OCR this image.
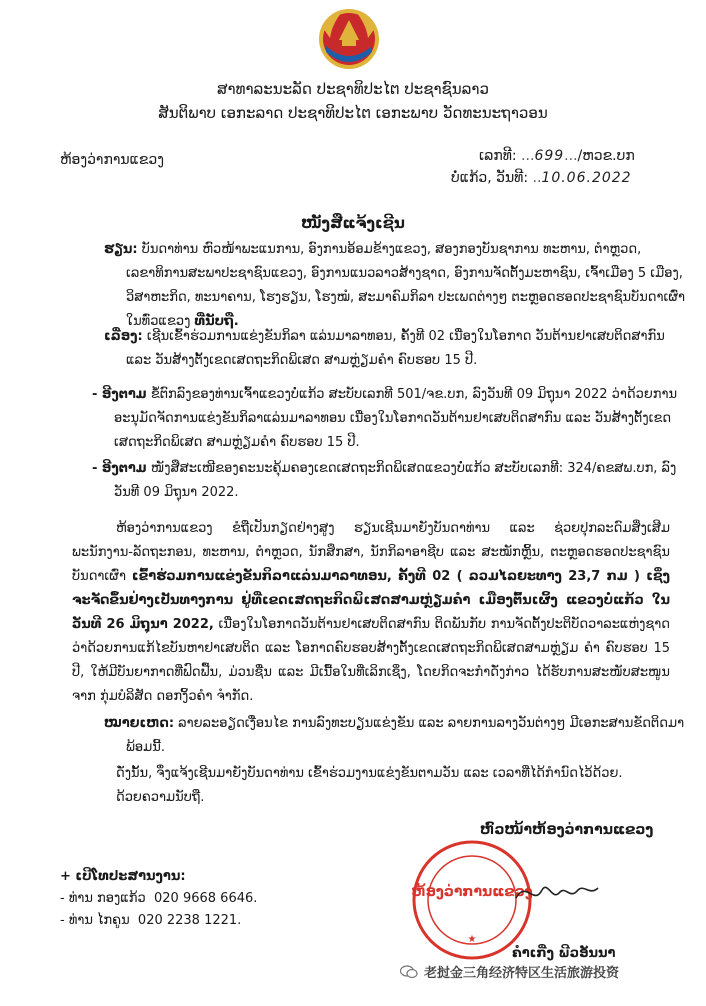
ສາທາລະນະລັດ ປະຊາທິປະໄຕ ປະຊາຊົນລາວ
ສັນຕິພາບ ເອກະລາດ ປະຊາທິປະໄຕ ເອກະພາບ ວັດທະນະຖາວອນ
ຫ້ອງວ່າການແຂວງ	ເລກທີ: ...699.../ຫວຂ.ບກ
ບໍ່ແກ້ວ, ວັນທີ: ..10.06.2022
ໜັງສືແຈ້ງເຊີນ
ຮຽນ: ບັນດາທ່ານ ຫົວໜ້າພະແນການ, ອົງການອ້ອມຂ້າງແຂວງ, ສອງກອງບັນຊາການ ທະຫານ, ຕຳຫຼວດ, ເລຂາທິການສະພາປະຊາຊົນແຂວງ, ອົງການແນວລາວສ້າງຊາດ, ອົງການຈັດຕັ້ງມະຫາຊົນ, ເຈົ້າເມືອງ 5 ເມືອງ, ວິສາຫະກິດ, ທະນາຄານ, ໂຮງຮຽນ, ໂຮງໝໍ, ສະມາຄົມກິລາ ປະເພດຕ່າງໆ ຕະຫຼອດຮອດປະຊາຊົນບັນດາເຜົ່າ ໃນທົ່ວແຂວງ ທີ່ນັບຖື.
ເລື່ອງ: ເຊີນເຂົ້າຮ່ວມການແຂ່ງຂັນກິລາ ແລ່ນມາລາທອນ, ຄັ້ງທີ 02 ເນື່ອງໃນໂອກາດ ວັນຕ້ານຢາເສບຕິດສາກົນ ແລະ ວັນສ້າງຕັ້ງເຂດເສດຖະກິດພິເສດ ສາມຫຼ່ຽມຄຳ ຄົບຮອບ 15 ປີ.
- ອີງຕາມ ຂໍ້ຕົກລົງຂອງທ່ານເຈົ້າແຂວງບໍ່ແກ້ວ ສະບັບເລກທີ 501/ຈຂ.ບກ, ລົງວັນທີ 09 ມິຖຸນາ 2022 ວ່າດ້ວຍການອະນຸມັດຈັດການແຂ່ງຂັນກິລາແລ່ນມາລາທອນ ເນື່ອງໃນໂອກາດວັນຕ້ານຢາເສບຕິດສາກົນ ແລະ ວັນສ້າງຕັ້ງເຂດເສດຖະກິດພິເສດ ສາມຫຼ່ຽມຄຳ ຄົບຮອບ 15 ປີ.
- ອີງຕາມ ໜັງສືສະເໜີຂອງຄະນະຄຸ້ມຄອງເຂດເສດຖະກິດພິເສດແຂວງບໍ່ແກ້ວ ສະບັບເລກທີ: 324/ຄຂສພ.ບກ, ລົງວັນທີ 09 ມິຖຸນາ 2022.
ຫ້ອງວ່າການແຂວງ ຂໍຖືເປັນກຽດຢ່າງສູງ ຮຽນເຊີນມາຍັງບັນດາທ່ານ ແລະ ຊ່ວຍປຸກລະດົມສິ່ງເສີມ ພະນັກງານ-ລັດຖະກອນ, ທະຫານ, ຕຳຫຼວດ, ນັກສຶກສາ, ນັກກິລາອາຊີບ ແລະ ສະໝັກຫຼິ້ນ, ຕະຫຼອດຮອດປະຊາຊົນບັນດາເຜົ່າ ເຂົ້າຮ່ວມການແຂ່ງຂັນກິລາແລ່ນມາລາທອນ, ຄັ້ງທີ 02 ( ລວມໄລຍະທາງ 23,7 ກມ ) ເຊິ່ງຈະຈັດຂຶ້ນຢ່າງເປັນທາງການ ຢູ່ທີ່ເຂດເສດຖະກິດພິເສດສາມຫຼ່ຽມຄຳ ເມືອງຕົ້ນເຜິ້ງ ແຂວງບໍ່ແກ້ວ ໃນວັນທີ 26 ມິຖຸນາ 2022, ເນື່ອງໃນໂອກາດວັນຕ້ານຢາເສບຕິດສາກົນ ຕິດພັນກັບ ການຈັດຕັ້ງປະຕິບັດວາລະແຫ່ງຊາດ ວ່າດ້ວຍການແກ້ໄຂບັນຫາຢາເສບຕິດ ແລະ ໂອກາດຄົບຮອບສ້າງຕັ້ງເຂດເສດຖະກິດພິເສດສາມຫຼ່ຽມ ຄຳ ຄົບຮອບ 15 ປີ, ໃຫ້ມີບັນຍາກາດທີ່ຟົດຟື້ນ, ມ່ວນຊື່ນ ແລະ ມີເນື້ອໃນທີ່ເລິກເຊິ່ງ, ໂດຍກິດຈະກຳດັ່ງກ່າວ ໄດ້ຮັບການສະໜັບສະໜູນຈາກ ກຸ່ມບໍລິສັດ ດອກງິ້ວຄຳ ຈຳກັດ.
ໝາຍເຫດ: ລາຍລະອຽດເງື່ອນໄຂ ການລົງທະບຽນແຂ່ງຂັນ ແລະ ລາຍການລາງວັນຕ່າງໆ ມີເອກະສານຂັດຕິດມາພ້ອມນີ້.
ດັ່ງນັ້ນ, ຈຶ່ງແຈ້ງເຊີນມາຍັງບັນດາທ່ານ ເຂົ້າຮ່ວມງານແຂ່ງຂັນຕາມວັນ ແລະ ເວລາທີ່ໄດ້ກຳນົດໄວ້ດ້ວຍ.
ດ້ວຍຄວາມນັບຖື.
ຫົວໜ້າຫ້ອງວ່າການແຂວງ
ຫ້ອງວ່າການແຂວງ
★
ຄຳເກີ່ງ ພີວອັນນາ
+ ເບີໂທປະສານງານ:
- ທ່ານ ກອງແກ້ວ 020 9668 6646.
- ທ່ານ ໄກຄູນ 020 2238 1221.
老挝金三角经济特区生活旅游投资
